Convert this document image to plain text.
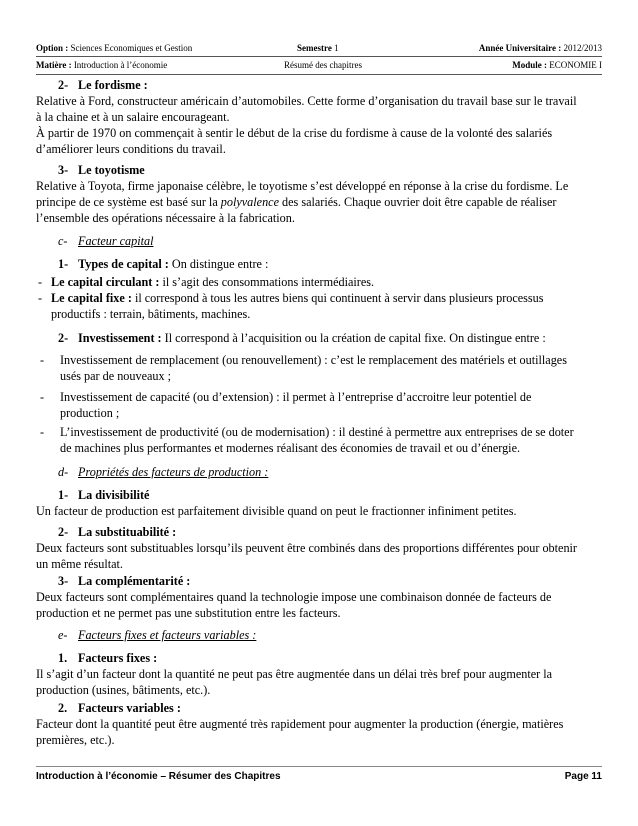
Option : Sciences Economiques et Gestion	Semestre 1	Année Universitaire : 2012/2013
Matière : Introduction à l’économie	Résumé des chapitres	Module : ECONOMIE I
2- Le fordisme :
Relative à Ford, constructeur américain d’automobiles. Cette forme d’organisation du travail base sur le travail
à la chaine et à un salaire encourageant.
À partir de 1970 on commençait à sentir le début de la crise du fordisme à cause de la volonté des salariés
d’améliorer leurs conditions du travail.
3- Le toyotisme
Relative à Toyota, firme japonaise célèbre, le toyotisme s’est développé en réponse à la crise du fordisme. Le
principe de ce système est basé sur la polyvalence des salariés. Chaque ouvrier doit être capable de réaliser
l’ensemble des opérations nécessaire à la fabrication.
c- Facteur capital
1- Types de capital : On distingue entre :
- Le capital circulant : il s’agit des consommations intermédiaires.
- Le capital fixe : il correspond à tous les autres biens qui continuent à servir dans plusieurs processus
productifs : terrain, bâtiments, machines.
2- Investissement : Il correspond à l’acquisition ou la création de capital fixe. On distingue entre :
- Investissement de remplacement (ou renouvellement) : c’est le remplacement des matériels et outillages
usés par de nouveaux ;
- Investissement de capacité (ou d’extension) : il permet à l’entreprise d’accroitre leur potentiel de
production ;
- L’investissement de productivité (ou de modernisation) : il destiné à permettre aux entreprises de se doter
de machines plus performantes et modernes réalisant des économies de travail et ou d’énergie.
d- Propriétés des facteurs de production :
1- La divisibilité
Un facteur de production est parfaitement divisible quand on peut le fractionner infiniment petites.
2- La substituabilité :
Deux facteurs sont substituables lorsqu’ils peuvent être combinés dans des proportions différentes pour obtenir
un même résultat.
3- La complémentarité :
Deux facteurs sont complémentaires quand la technologie impose une combinaison donnée de facteurs de
production et ne permet pas une substitution entre les facteurs.
e- Facteurs fixes et facteurs variables :
1. Facteurs fixes :
Il s’agit d’un facteur dont la quantité ne peut pas être augmentée dans un délai très bref pour augmenter la
production (usines, bâtiments, etc.).
2. Facteurs variables :
Facteur dont la quantité peut être augmenté très rapidement pour augmenter la production (énergie, matières
premières, etc.).
Introduction à l’économie – Résumer des Chapitres	Page 11
